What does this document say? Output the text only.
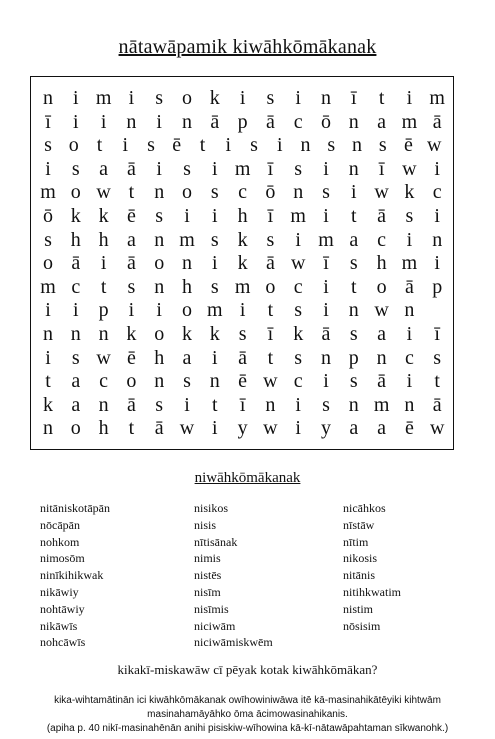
nātawāpamik kiwāhkōmākanak
n	i m i	s o k	i	s	i	n	ī	t	i m
ī	i	i	n	i	n ā p ā c ō n a m ā
s o t	i s ē t	i s i n s n s ē w
i	s a ā	i	s	i m ī	s	i	n	ī w i
m o w t	n o s c ō n s	i w k c
ō k k ē s	i	i	h	ī m i	t	ā s	i
s h h a n m s k s	i m a c	i	n
o ā	i	ā o n	i	k ā w ī	s h m i
m c	t	s n h s m o c	i	t	o ā p
i	i	p	i	i	o m i	t	s	i	n w n
n n n k o k k s	ī	k ā s a	i	ī
i	s w ē h a	i	ā	t	s n p n c s
t	a c o n s n ē w c	i	s ā	i	t
k a n ā s	i	t	ī	n	i	s n m n ā
n o h	t	ā w i	y w i	y a a ē w
niwāhkōmākanak
nitāniskotāpān
nōcāpān
nohkom
nimosōm
ninīkihikwak
nikāwiy
nohtāwiy
nikāwīs
nohcāwīs
nisikos
nisis
nītisānak
nimis
nistēs
nisīm
nisīmis
niciwām
niciwāmiskwēm
nicāhkos
nīstāw
nītim
nikosis
nitānis
nitihkwatim
nistim
nōsisim
kikakī-miskawāw cī pēyak kotak kiwāhkōmākan?
kika-wihtamātinān ici kiwāhkōmākanak owīhowiniwāwa itē kā-masinahikātēyiki kihtwām
masinahamāyāhko ōma ācimowasinahikanis.
(apiha p. 40 nikī-masinahēnān anihi pisiskiw-wīhowina kā-kī-nātawāpahtaman sīkwanohk.)
